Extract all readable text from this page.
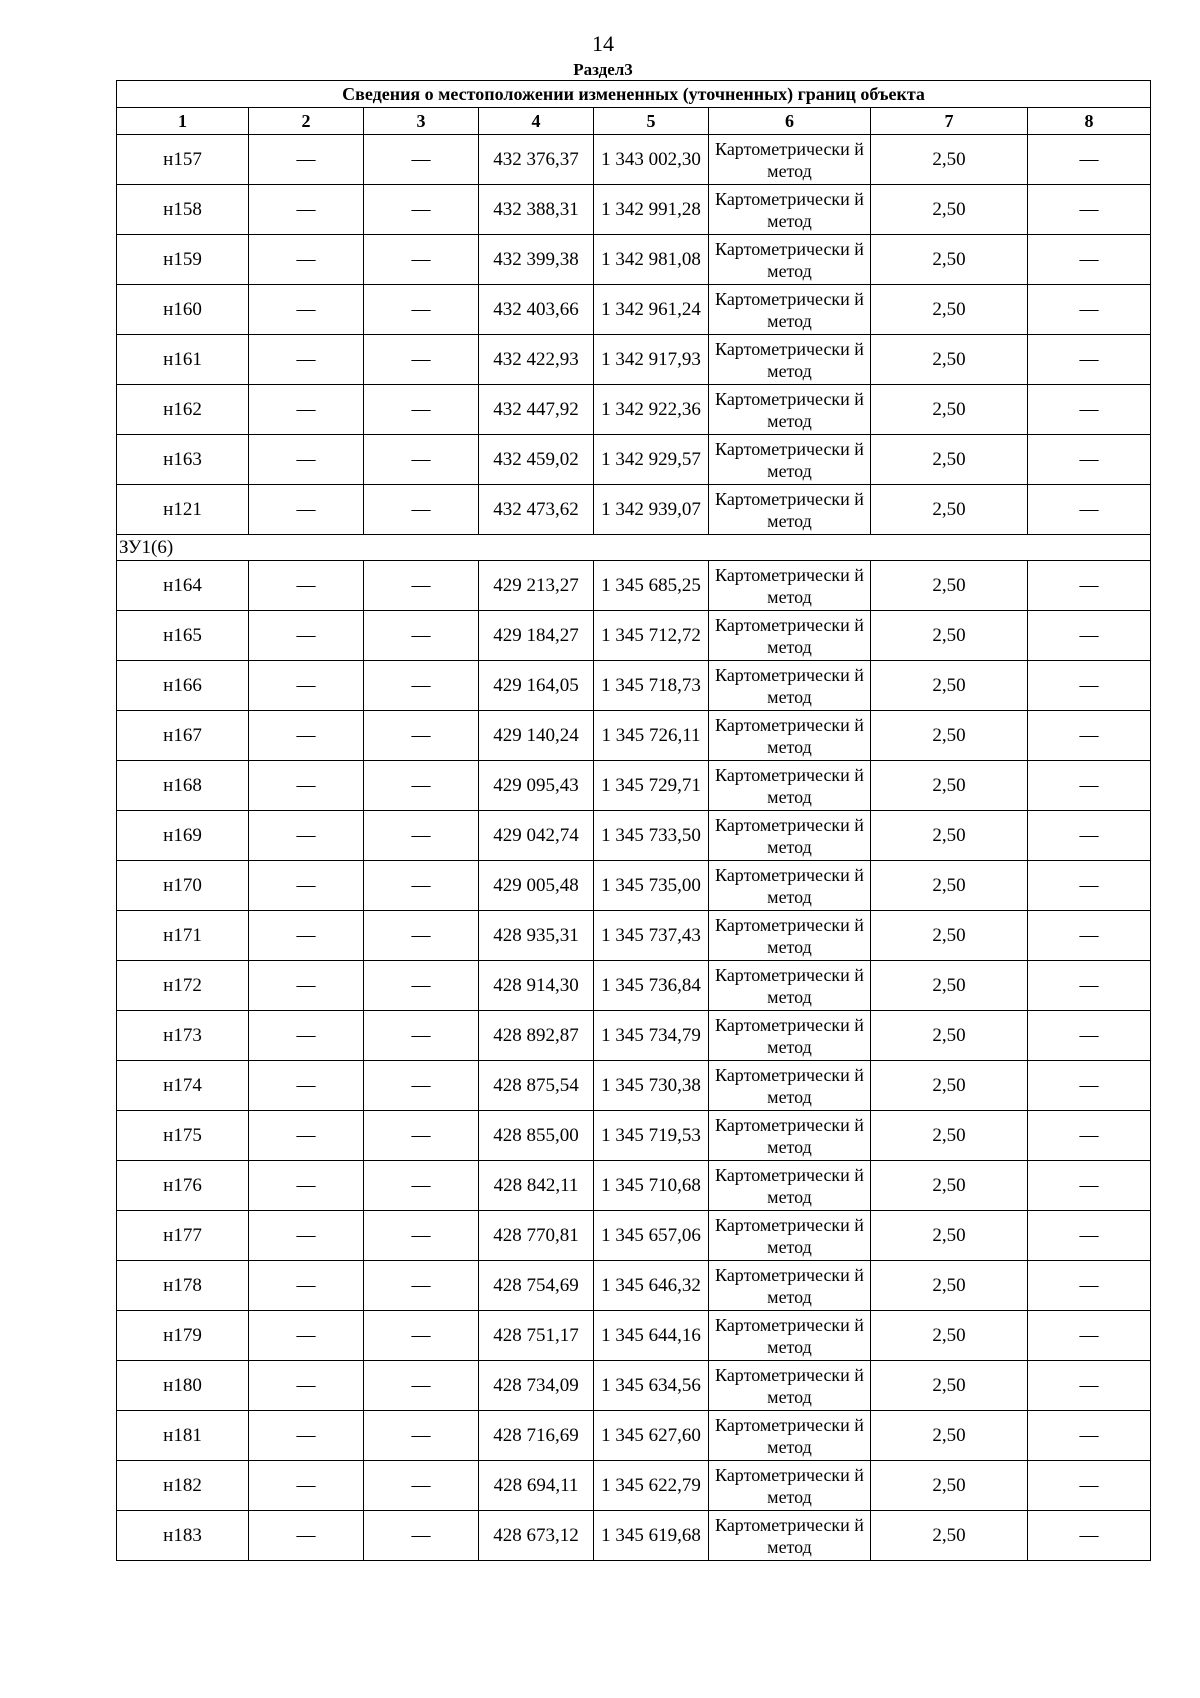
14
Раздел3
Сведения о местоположении измененных (уточненных) границ объекта							
1	2	3	4	5	6	7	8
н157	—	—	432 376,37	1 343 002,30	Картометрически й метод	2,50	—
н158	—	—	432 388,31	1 342 991,28	Картометрически й метод	2,50	—
н159	—	—	432 399,38	1 342 981,08	Картометрически й метод	2,50	—
н160	—	—	432 403,66	1 342 961,24	Картометрически й метод	2,50	—
н161	—	—	432 422,93	1 342 917,93	Картометрически й метод	2,50	—
н162	—	—	432 447,92	1 342 922,36	Картометрически й метод	2,50	—
н163	—	—	432 459,02	1 342 929,57	Картометрически й метод	2,50	—
н121	—	—	432 473,62	1 342 939,07	Картометрически й метод	2,50	—
ЗУ1(6)							
н164	—	—	429 213,27	1 345 685,25	Картометрически й метод	2,50	—
н165	—	—	429 184,27	1 345 712,72	Картометрически й метод	2,50	—
н166	—	—	429 164,05	1 345 718,73	Картометрически й метод	2,50	—
н167	—	—	429 140,24	1 345 726,11	Картометрически й метод	2,50	—
н168	—	—	429 095,43	1 345 729,71	Картометрически й метод	2,50	—
н169	—	—	429 042,74	1 345 733,50	Картометрически й метод	2,50	—
н170	—	—	429 005,48	1 345 735,00	Картометрически й метод	2,50	—
н171	—	—	428 935,31	1 345 737,43	Картометрически й метод	2,50	—
н172	—	—	428 914,30	1 345 736,84	Картометрически й метод	2,50	—
н173	—	—	428 892,87	1 345 734,79	Картометрически й метод	2,50	—
н174	—	—	428 875,54	1 345 730,38	Картометрически й метод	2,50	—
н175	—	—	428 855,00	1 345 719,53	Картометрически й метод	2,50	—
н176	—	—	428 842,11	1 345 710,68	Картометрически й метод	2,50	—
н177	—	—	428 770,81	1 345 657,06	Картометрически й метод	2,50	—
н178	—	—	428 754,69	1 345 646,32	Картометрически й метод	2,50	—
н179	—	—	428 751,17	1 345 644,16	Картометрически й метод	2,50	—
н180	—	—	428 734,09	1 345 634,56	Картометрически й метод	2,50	—
н181	—	—	428 716,69	1 345 627,60	Картометрически й метод	2,50	—
н182	—	—	428 694,11	1 345 622,79	Картометрически й метод	2,50	—
н183	—	—	428 673,12	1 345 619,68	Картометрически й метод	2,50	—
